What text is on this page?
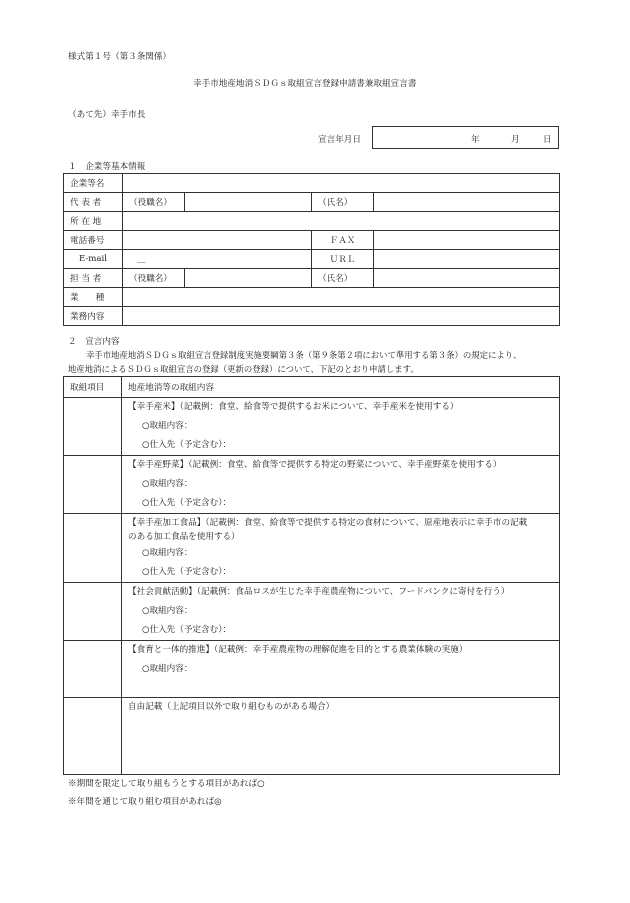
様式第１号（第３条関係）
幸手市地産地消ＳＤＧｓ取組宣言登録申請書兼取組宣言書
（あて先）幸手市長
宣言年月日	年	月	日
１　企業等基本情報
企業等名				
代 表 者	（役職名）		（氏名）	
所 在 地				
電話番号			ＦＡＸ	
E-mail	＿		ＵＲＬ	
担 当 者	（役職名）		（氏名）	
業　　種				
業務内容				
２　宣言内容
幸手市地産地消ＳＤＧｓ取組宣言登録制度実施要綱第３条（第９条第２項において準用する第３条）の規定により、
地産地消によるＳＤＧｓ取組宣言の登録（更新の登録）について、下記のとおり申請します。
取組項目	地産地消等の取組内容

	【幸手産米】（記載例：食堂、給食等で提供するお米について、幸手産米を使用する）
○取組内容：
○仕入先（予定含む）：

	【幸手産野菜】（記載例：食堂、給食等で提供する特定の野菜について、幸手産野菜を使用する）
○取組内容：
○仕入先（予定含む）：

	【幸手産加工食品】（記載例：食堂、給食等で提供する特定の食材について、原産地表示に幸手市の記載
のある加工食品を使用する）
○取組内容：
○仕入先（予定含む）：

	【社会貢献活動】（記載例：食品ロスが生じた幸手産農産物について、フードバンクに寄付を行う）
○取組内容：
○仕入先（予定含む）：

	【食育と一体的推進】（記載例：幸手産農産物の理解促進を目的とする農業体験の実施）
○取組内容：

	自由記載（上記項目以外で取り組むものがある場合）
※期間を限定して取り組もうとする項目があれば○
※年間を通じて取り組む項目があれば◎
